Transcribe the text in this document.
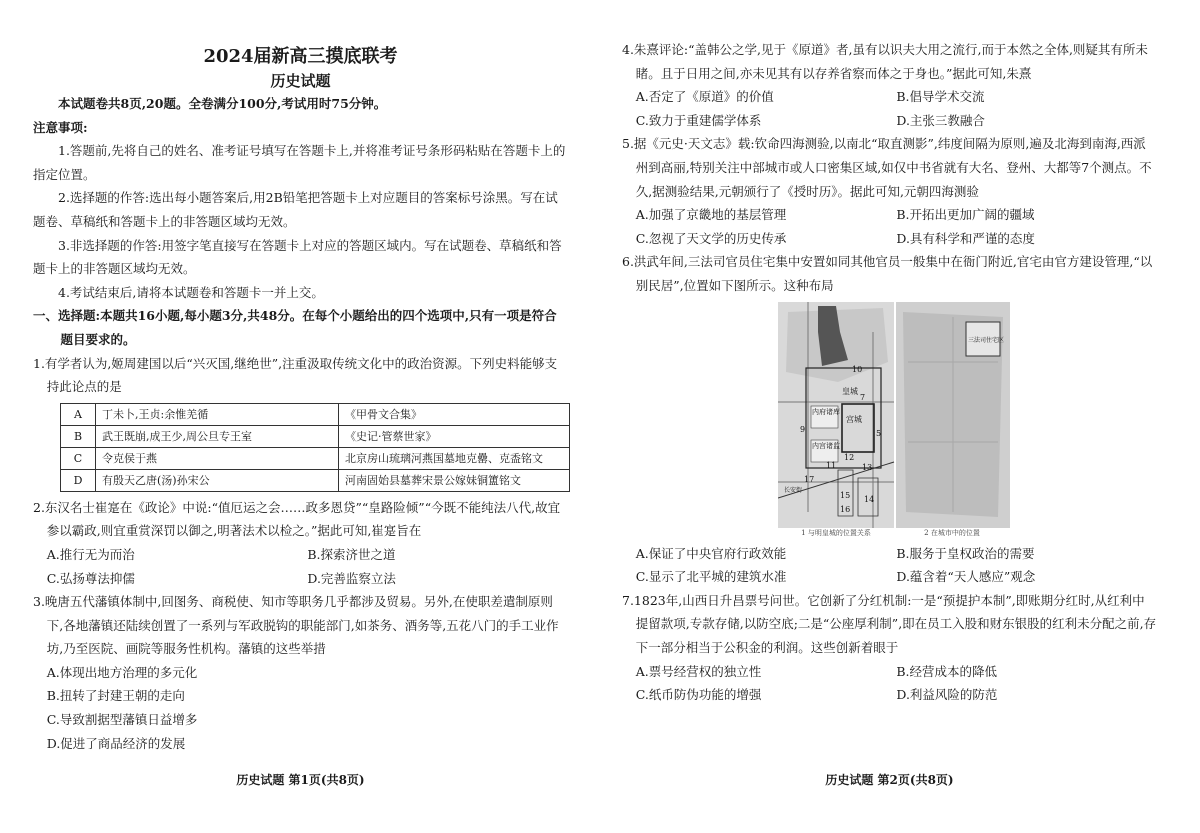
2024届新高三摸底联考

历史试题

本试题卷共8页,20题。全卷满分100分,考试用时75分钟。

注意事项:

1.答题前,先将自己的姓名、准考证号填写在答题卡上,并将准考证号条形码粘贴在答题卡上的指定位置。

2.选择题的作答:选出每小题答案后,用2B铅笔把答题卡上对应题目的答案标号涂黑。写在试题卷、草稿纸和答题卡上的非答题区域均无效。

3.非选择题的作答:用签字笔直接写在答题卡上对应的答题区域内。写在试题卷、草稿纸和答题卡上的非答题区域均无效。

4.考试结束后,请将本试题卷和答题卡一并上交。

一、选择题:本题共16小题,每小题3分,共48分。在每个小题给出的四个选项中,只有一项是符合题目要求的。

1.有学者认为,姬周建国以后“兴灭国,继绝世”,注重汲取传统文化中的政治资源。下列史料能够支持此论点的是

A	丁未卜,王贞:余惟羌循	《甲骨文合集》
B	武王既崩,成王少,周公旦专王室	《史记·管蔡世家》
C	令克侯于燕	北京房山琉璃河燕国墓地克罍、克盉铭文
D	有殷天乙唐(汤)孙宋公	河南固始县墓葬宋景公嫁妹铜簠铭文

2.东汉名士崔寔在《政论》中说:“值厄运之会……政多恩贷”“皇路险倾”“今既不能纯法八代,故宜参以霸政,则宜重赏深罚以御之,明著法术以检之。”据此可知,崔寔旨在

A.推行无为而治	B.探索济世之道
C.弘扬尊法抑儒	D.完善监察立法

3.晚唐五代藩镇体制中,回图务、商税使、知市等职务几乎都涉及贸易。另外,在使职差遣制原则下,各地藩镇还陆续创置了一系列与军政脱钩的职能部门,如茶务、酒务等,五花八门的手工业作坊,乃至医院、画院等服务性机构。藩镇的这些举措

A.体现出地方治理的多元化
B.扭转了封建王朝的走向
C.导致割据型藩镇日益增多
D.促进了商品经济的发展
历史试题 第1页(共8页)

4.朱熹评论:“盖韩公之学,见于《原道》者,虽有以识夫大用之流行,而于本然之全体,则疑其有所未睹。且于日用之间,亦未见其有以存养省察而体之于身也。”据此可知,朱熹

A.否定了《原道》的价值	B.倡导学术交流
C.致力于重建儒学体系	D.主张三教融合

5.据《元史·天文志》载:钦命四海测验,以南北“取直测影”,纬度间隔为原则,遍及北海到南海,西派州到高丽,特别关注中部城市或人口密集区域,如仅中书省就有大名、登州、大都等7个测点。不久,据测验结果,元朝颁行了《授时历》。据此可知,元朝四海测验

A.加强了京畿地的基层管理	B.开拓出更加广阔的疆域
C.忽视了天文学的历史传承	D.具有科学和严谨的态度

6.洪武年间,三法司官员住宅集中安置如同其他官员一般集中在衙门附近,官宅由官方建设管理,“以别民居”,位置如下图所示。这种布局

10
皇城
内府诸库
宫城
内宫诸监
9
7
5
12
13
11
14
15
16
17
长安街
三法司住宅区
1 与明皇城的位置关系	2 在城市中的位置
A.保证了中央官府行政效能	B.服务于皇权政治的需要
C.显示了北平城的建筑水准	D.蕴含着“天人感应”观念

7.1823年,山西日升昌票号问世。它创新了分红机制:一是“预提护本制”,即账期分红时,从红利中提留款项,专款存储,以防空底;二是“公座厚利制”,即在员工入股和财东银股的红利未分配之前,存下一部分相当于公积金的利润。这些创新着眼于

A.票号经营权的独立性	B.经营成本的降低
C.纸币防伪功能的增强	D.利益风险的防范
历史试题 第2页(共8页)
